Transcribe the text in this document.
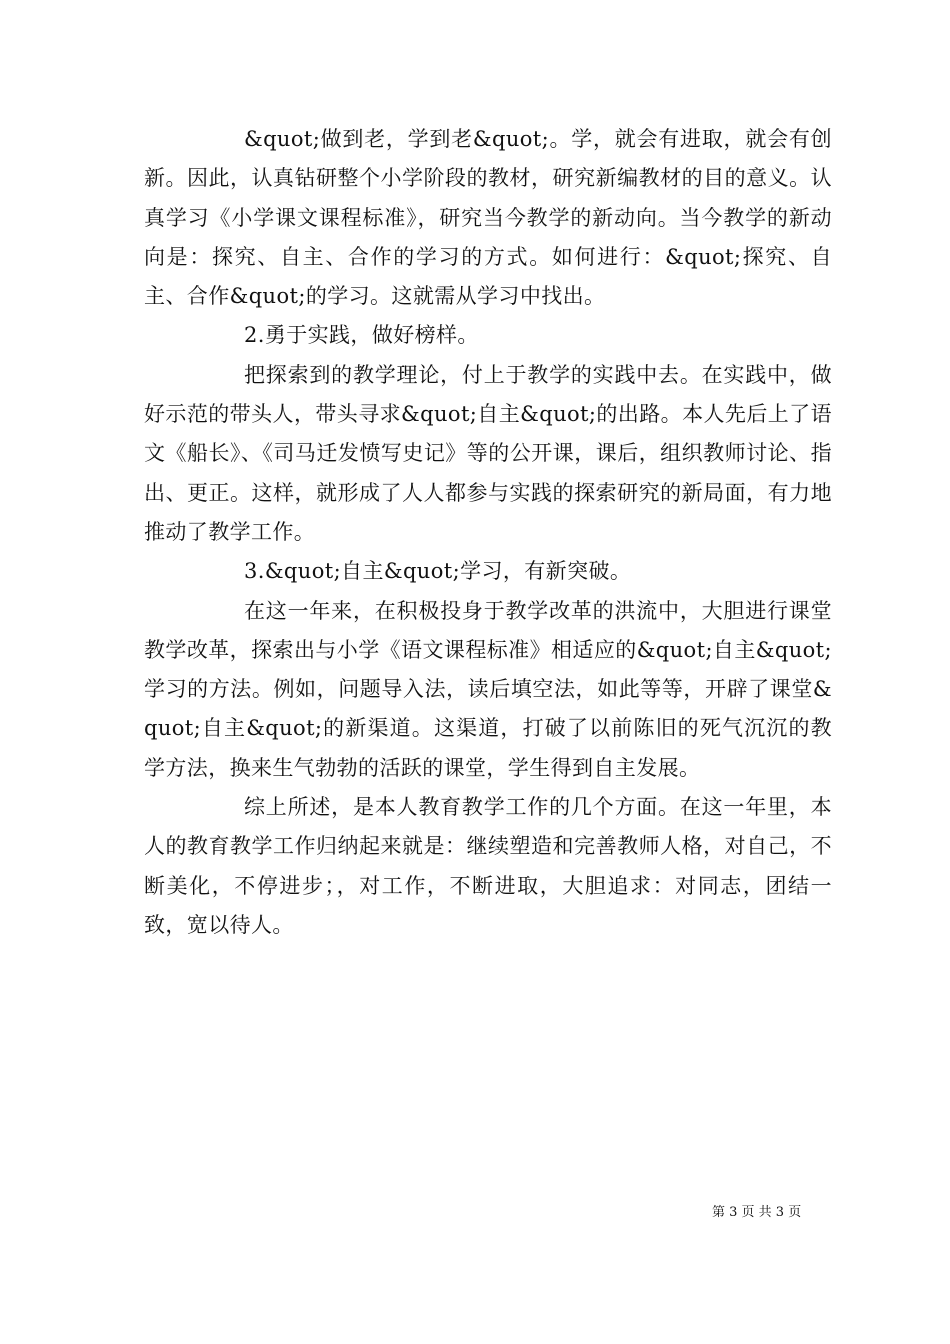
&quot;做到老，学到老&quot;。学，就会有进取，就会有创新。因此，认真钻研整个小学阶段的教材，研究新编教材的目的意义。认真学习《小学课文课程标准》，研究当今教学的新动向。当今教学的新动向是：探究、自主、合作的学习的方式。如何进行：&quot;探究、自主、合作&quot;的学习。这就需从学习中找出。

2.勇于实践，做好榜样。

把探索到的教学理论，付上于教学的实践中去。在实践中，做好示范的带头人，带头寻求&quot;自主&quot;的出路。本人先后上了语文《船长》、《司马迁发愤写史记》等的公开课，课后，组织教师讨论、指出、更正。这样，就形成了人人都参与实践的探索研究的新局面，有力地推动了教学工作。

3.&quot;自主&quot;学习，有新突破。

在这一年来，在积极投身于教学改革的洪流中，大胆进行课堂教学改革，探索出与小学《语文课程标准》相适应的&quot;自主&quot;学习的方法。例如，问题导入法，读后填空法，如此等等，开辟了课堂&quot;自主&quot;的新渠道。这渠道，打破了以前陈旧的死气沉沉的教学方法，换来生气勃勃的活跃的课堂，学生得到自主发展。

综上所述，是本人教育教学工作的几个方面。在这一年里，本人的教育教学工作归纳起来就是：继续塑造和完善教师人格，对自己，不断美化，不停进步；，对工作，不断进取，大胆追求：对同志，团结一致，宽以待人。

第 3 页 共 3 页
